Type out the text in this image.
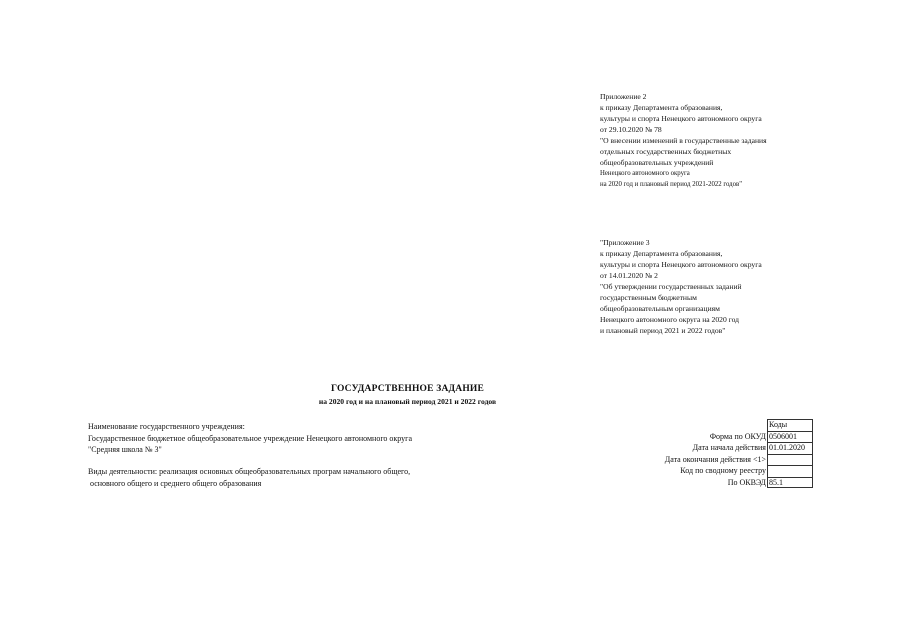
Приложение 2
к приказу Департамента образования,
культуры и спорта Ненецкого автономного округа
от 29.10.2020 № 78
"О внесении изменений в государственные задания
отдельных государственных бюджетных
общеобразовательных учреждений
Ненецкого автономного округа
на 2020 год и плановый период 2021-2022 годов"
"Приложение 3
к приказу Департамента образования,
культуры и спорта Ненецкого автономного округа
от 14.01.2020 № 2
"Об утверждении государственных заданий
государственным бюджетным
общеобразовательным организациям
Ненецкого автономного округа на 2020 год
и плановый период 2021 и 2022 годов"
ГОСУДАРСТВЕННОЕ ЗАДАНИЕ
на 2020 год и на плановый период 2021 и 2022 годов
Наименование государственного учреждения:
Государственное бюджетное общеобразовательное учреждение Ненецкого автономного округа
"Средняя школа № 3"
Виды деятельности: реализация основных общеобразовательных програм начального общего,
основного общего и среднего общего образования
Коды
Форма по ОКУД 0506001
Дата начала действия 01.01.2020
Дата окончания действия <1>
Код по сводному реестру
По ОКВЭД 85.1
